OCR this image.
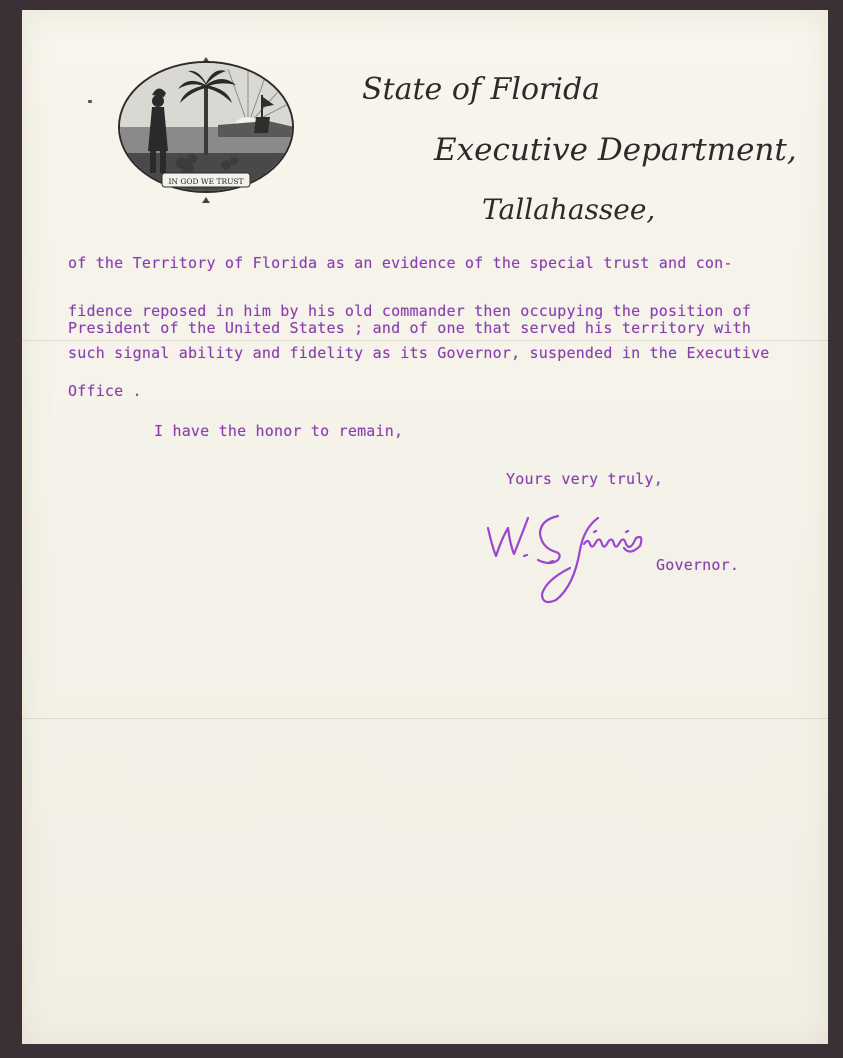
IN GOD WE TRUST
State of Florida
Executive Department,
Tallahassee,
of the Territory of Florida as an evidence of the special trust and con-
fidence reposed in him by his old commander then occupying the position of
President of the United States ; and of one that served his territory with
such signal ability and fidelity as its Governor, suspended in the Executive
Office .
I have the honor to remain,
Yours very truly,
W. S. Jennings
Governor.
